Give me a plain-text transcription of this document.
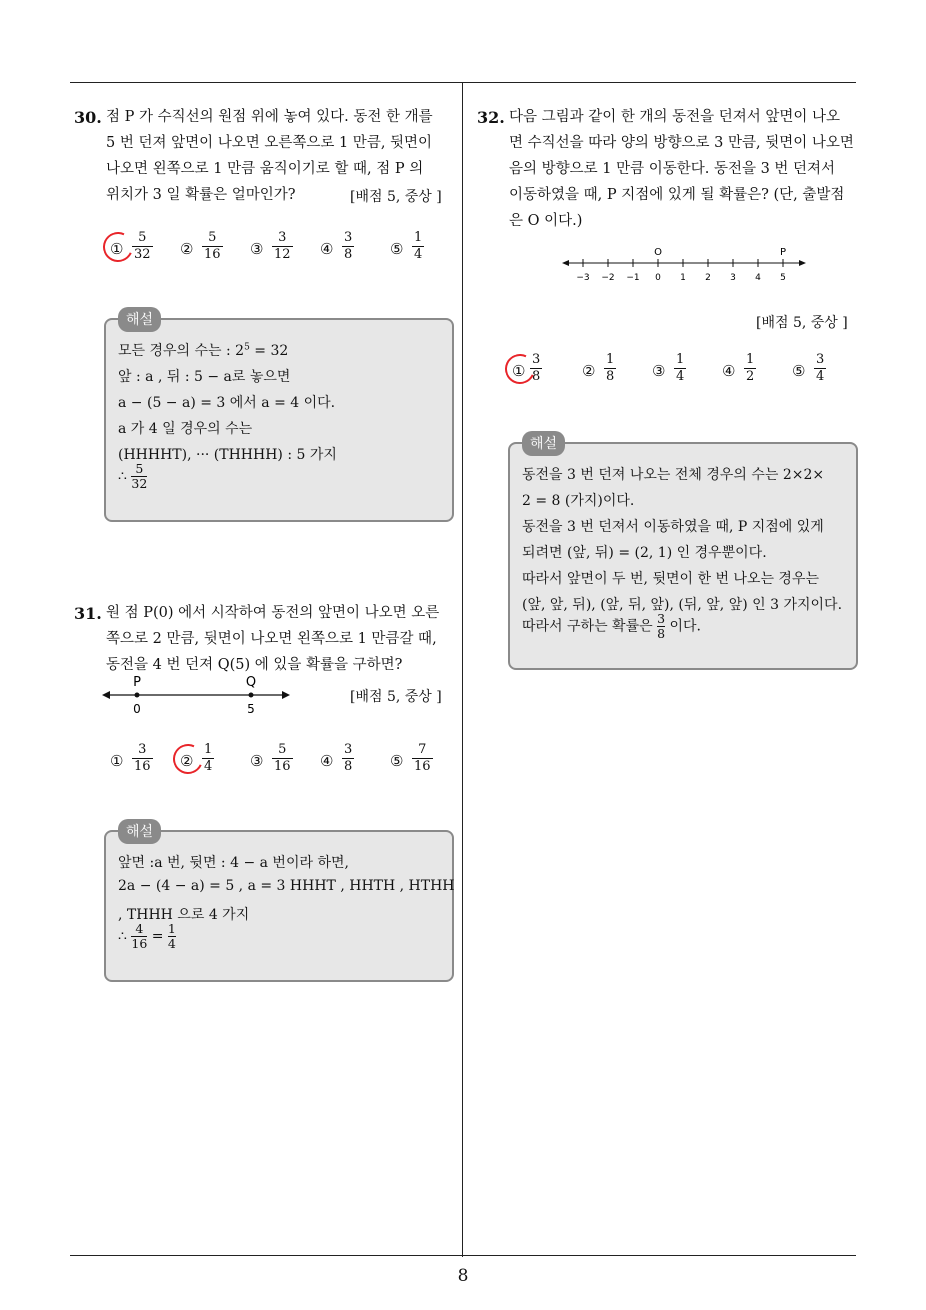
8
30. 점 P 가 수직선의 원점 위에 놓여 있다. 동전 한 개를
5 번 던져 앞면이 나오면 오른쪽으로 1 만큼, 뒷면이
나오면 왼쪽으로 1 만큼 움직이기로 할 때, 점 P 의
위치가 3 일 확률은 얼마인가?	[배점 5, 중상 ]
① $\frac{5}{32}$ ② $\frac{5}{16}$ ③ $\frac{3}{12}$ ④ $\frac{3}{8}$ ⑤ $\frac{1}{4}$
해설
모든 경우의 수는 : $2^5 = 32$
앞 : a , 뒤 : 5 − a로 놓으면
a − (5 − a) = 3 에서 a = 4 이다.
a 가 4 일 경우의 수는
(HHHHT), ··· (THHHH) : 5 가지
∴ $\frac{5}{32}$
31. 원 점 P(0) 에서 시작하여 동전의 앞면이 나오면 오른
쪽으로 2 만큼, 뒷면이 나오면 왼쪽으로 1 만큼갈 때,
동전을 4 번 던져 Q(5) 에 있을 확률을 구하면?
P	Q
0	5
[배점 5, 중상 ]
① $\frac{3}{16}$ ② $\frac{1}{4}$ ③ $\frac{5}{16}$ ④ $\frac{3}{8}$ ⑤ $\frac{7}{16}$
해설
앞면 :a 번, 뒷면 : 4 − a 번이라 하면,
2a − (4 − a) = 5 , a = 3 HHHT , HHTH , HTHH
, THHH 으로 4 가지
∴ $\frac{4}{16} = \frac{1}{4}$
32. 다음 그림과 같이 한 개의 동전을 던져서 앞면이 나오
면 수직선을 따라 양의 방향으로 3 만큼, 뒷면이 나오면
음의 방향으로 1 만큼 이동한다. 동전을 3 번 던져서
이동하였을 때, P 지점에 있게 될 확률은? (단, 출발점
은 O 이다.)
O	P
−3 −2 −1 0 1 2 3 4 5
[배점 5, 중상 ]
① $\frac{3}{8}$	② $\frac{1}{8}$ ③ $\frac{1}{4}$ ④ $\frac{1}{2}$ ⑤ $\frac{3}{4}$
해설
동전을 3 번 던져 나오는 전체 경우의 수는 2×2×
2 = 8 (가지)이다.
동전을 3 번 던져서 이동하였을 때, P 지점에 있게
되려면 (앞, 뒤) = (2, 1) 인 경우뿐이다.
따라서 앞면이 두 번, 뒷면이 한 번 나오는 경우는
(앞, 앞, 뒤), (앞, 뒤, 앞), (뒤, 앞, 앞) 인 3 가지이다.
따라서 구하는 확률은 $\frac{3}{8}$ 이다.
